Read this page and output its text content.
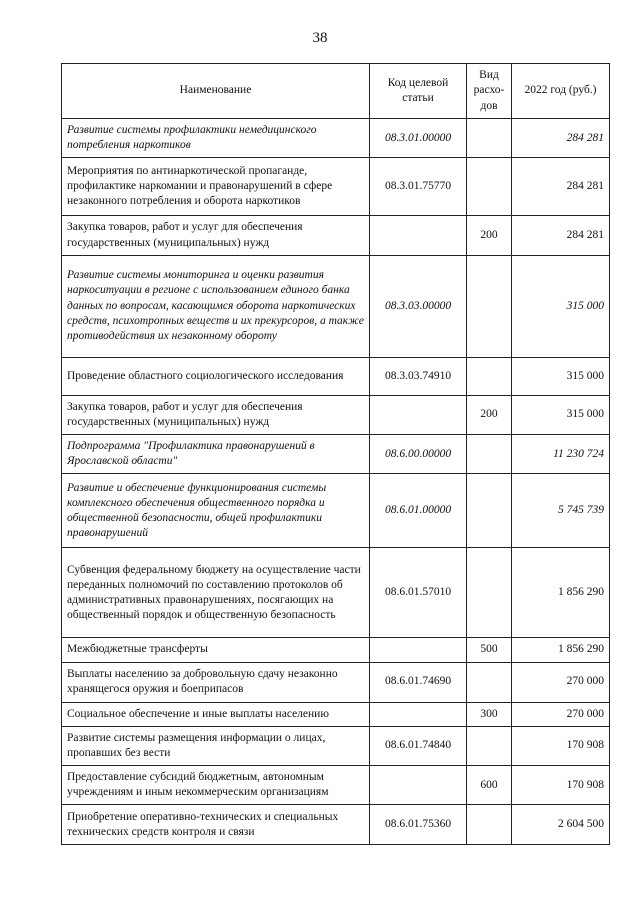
38
Наименование	Код целевой статьи	Вид расхо-дов	2022 год (руб.)
Развитие системы профилактики немедицинского потребления наркотиков	08.3.01.00000		284 281
Мероприятия по антинаркотической пропаганде, профилактике наркомании и правонарушений в сфере незаконного потребления и оборота наркотиков	08.3.01.75770		284 281
Закупка товаров, работ и услуг для обеспечения государственных (муниципальных) нужд		200	284 281
Развитие системы мониторинга и оценки развития наркоситуации в регионе с использованием единого банка данных по вопросам, касающимся оборота наркотических средств, психотропных веществ и их прекурсоров, а также противодействия их незаконному обороту	08.3.03.00000		315 000
Проведение областного социологического исследования	08.3.03.74910		315 000
Закупка товаров, работ и услуг для обеспечения государственных (муниципальных) нужд		200	315 000
Подпрограмма "Профилактика правонарушений в Ярославской области"	08.6.00.00000		11 230 724
Развитие и обеспечение функционирования системы комплексного обеспечения общественного порядка и общественной безопасности, общей профилактики правонарушений	08.6.01.00000		5 745 739
Субвенция федеральному бюджету на осуществление части переданных полномочий по составлению протоколов об административных правонарушениях, посягающих на общественный порядок и общественную безопасность	08.6.01.57010		1 856 290
Межбюджетные трансферты		500	1 856 290
Выплаты населению за добровольную сдачу незаконно хранящегося оружия и боеприпасов	08.6.01.74690		270 000
Социальное обеспечение и иные выплаты населению		300	270 000
Развитие системы размещения информации о лицах, пропавших без вести	08.6.01.74840		170 908
Предоставление субсидий бюджетным, автономным учреждениям и иным некоммерческим организациям		600	170 908
Приобретение оперативно-технических и специальных технических средств контроля и связи	08.6.01.75360		2 604 500
